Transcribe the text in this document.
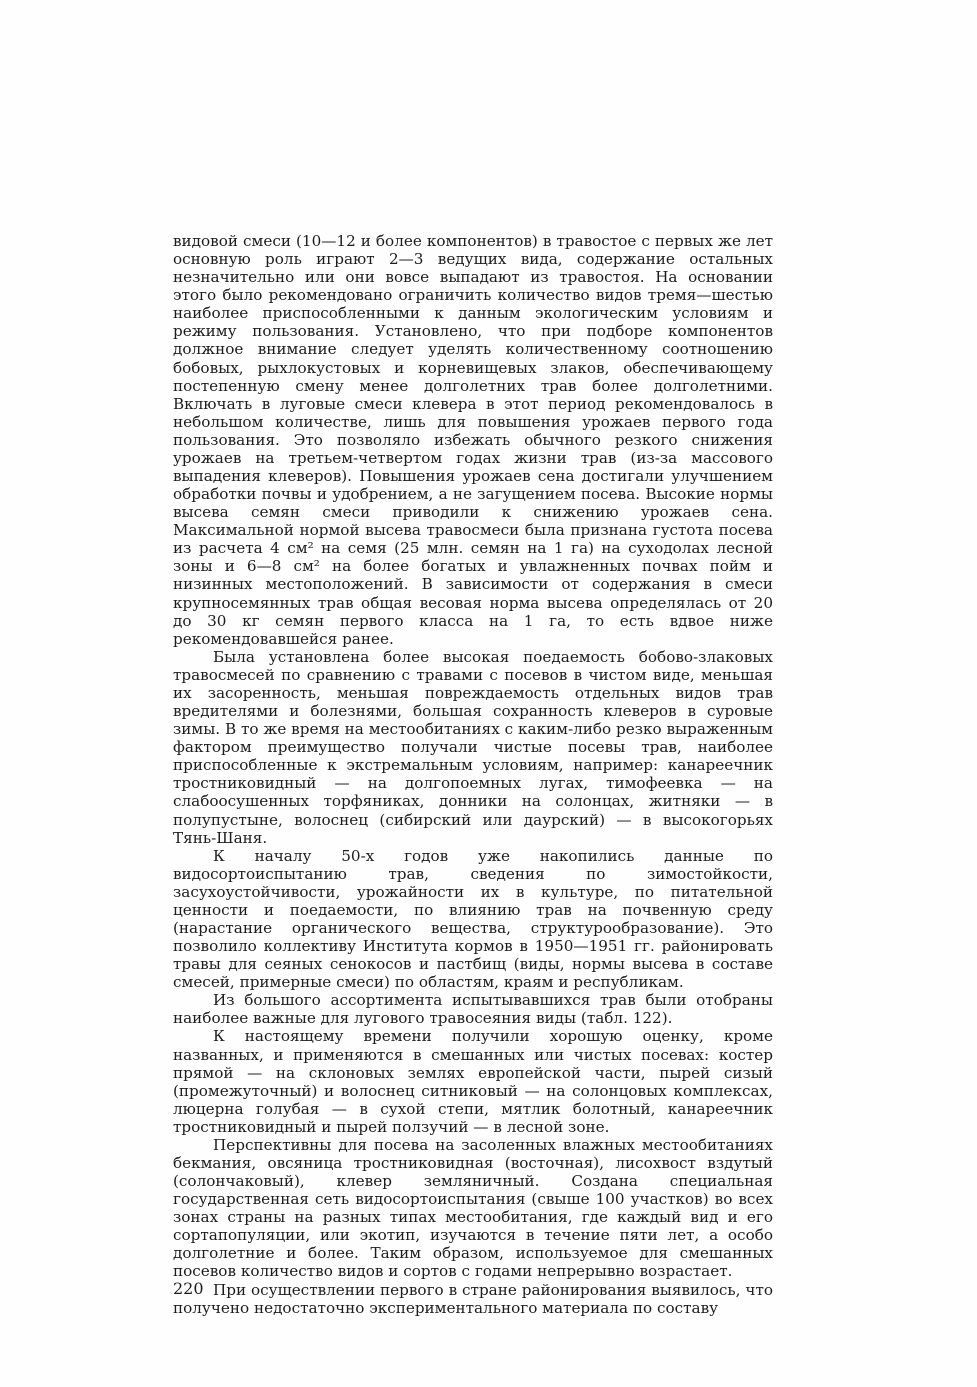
видовой смеси (10—12 и более компонентов) в травостое с первых же лет основную роль играют 2—3 ведущих вида, содержание остальных незначительно или они вовсе выпадают из травостоя. На основании этого было рекомендовано ограничить количество видов тремя—шестью наиболее приспособленными к данным экологическим условиям и режиму пользования. Установлено, что при подборе компонентов должное внимание следует уделять количественному соотношению бобовых, рыхлокустовых и корневищевых злаков, обеспечивающему постепенную смену менее долголетних трав более долголетними. Включать в луговые смеси клевера в этот период рекомендовалось в небольшом количестве, лишь для повышения урожаев первого года пользования. Это позволяло избежать обычного резкого снижения урожаев на третьем-четвертом годах жизни трав (из-за массового выпадения клеверов). Повышения урожаев сена достигали улучшением обработки почвы и удобрением, а не загущением посева. Высокие нормы высева семян смеси приводили к снижению урожаев сена. Максимальной нормой высева травосмеси была признана густота посева из расчета 4 см² на семя (25 млн. семян на 1 га) на суходолах лесной зоны и 6—8 см² на более богатых и увлажненных почвах пойм и низинных местоположений. В зависимости от содержания в смеси крупносемянных трав общая весовая норма высева определялась от 20 до 30 кг семян первого класса на 1 га, то есть вдвое ниже рекомендовавшейся ранее.

Была установлена более высокая поедаемость бобово-злаковых травосмесей по сравнению с травами с посевов в чистом виде, меньшая их засоренность, меньшая повреждаемость отдельных видов трав вредителями и болезнями, большая сохранность клеверов в суровые зимы. В то же время на местообитаниях с каким-либо резко выраженным фактором преимущество получали чистые посевы трав, наиболее приспособленные к экстремальным условиям, например: канареечник тростниковидный — на долгопоемных лугах, тимофеевка — на слабоосушенных торфяниках, донники на солонцах, житняки — в полупустыне, волоснец (сибирский или даурский) — в высокогорьях Тянь-Шаня.

К началу 50-х годов уже накопились данные по видосортоиспытанию трав, сведения по зимостойкости, засухоустойчивости, урожайности их в культуре, по питательной ценности и поедаемости, по влиянию трав на почвенную среду (нарастание органического вещества, структурообразование). Это позволило коллективу Института кормов в 1950—1951 гг. районировать травы для сеяных сенокосов и пастбищ (виды, нормы высева в составе смесей, примерные смеси) по областям, краям и республикам.

Из большого ассортимента испытывавшихся трав были отобраны наиболее важные для лугового травосеяния виды (табл. 122).

К настоящему времени получили хорошую оценку, кроме названных, и применяются в смешанных или чистых посевах: костер прямой — на склоновых землях европейской части, пырей сизый (промежуточный) и волоснец ситниковый — на солонцовых комплексах, люцерна голубая — в сухой степи, мятлик болотный, канареечник тростниковидный и пырей ползучий — в лесной зоне.

Перспективны для посева на засоленных влажных местообитаниях бекмания, овсяница тростниковидная (восточная), лисохвост вздутый (солончаковый), клевер земляничный. Создана специальная государственная сеть видосортоиспытания (свыше 100 участков) во всех зонах страны на разных типах местообитания, где каждый вид и его сортапопуляции, или экотип, изучаются в течение пяти лет, а особо долголетние и более. Таким образом, используемое для смешанных посевов количество видов и сортов с годами непрерывно возрастает.

При осуществлении первого в стране районирования выявилось, что получено недостаточно экспериментального материала по составу

220
